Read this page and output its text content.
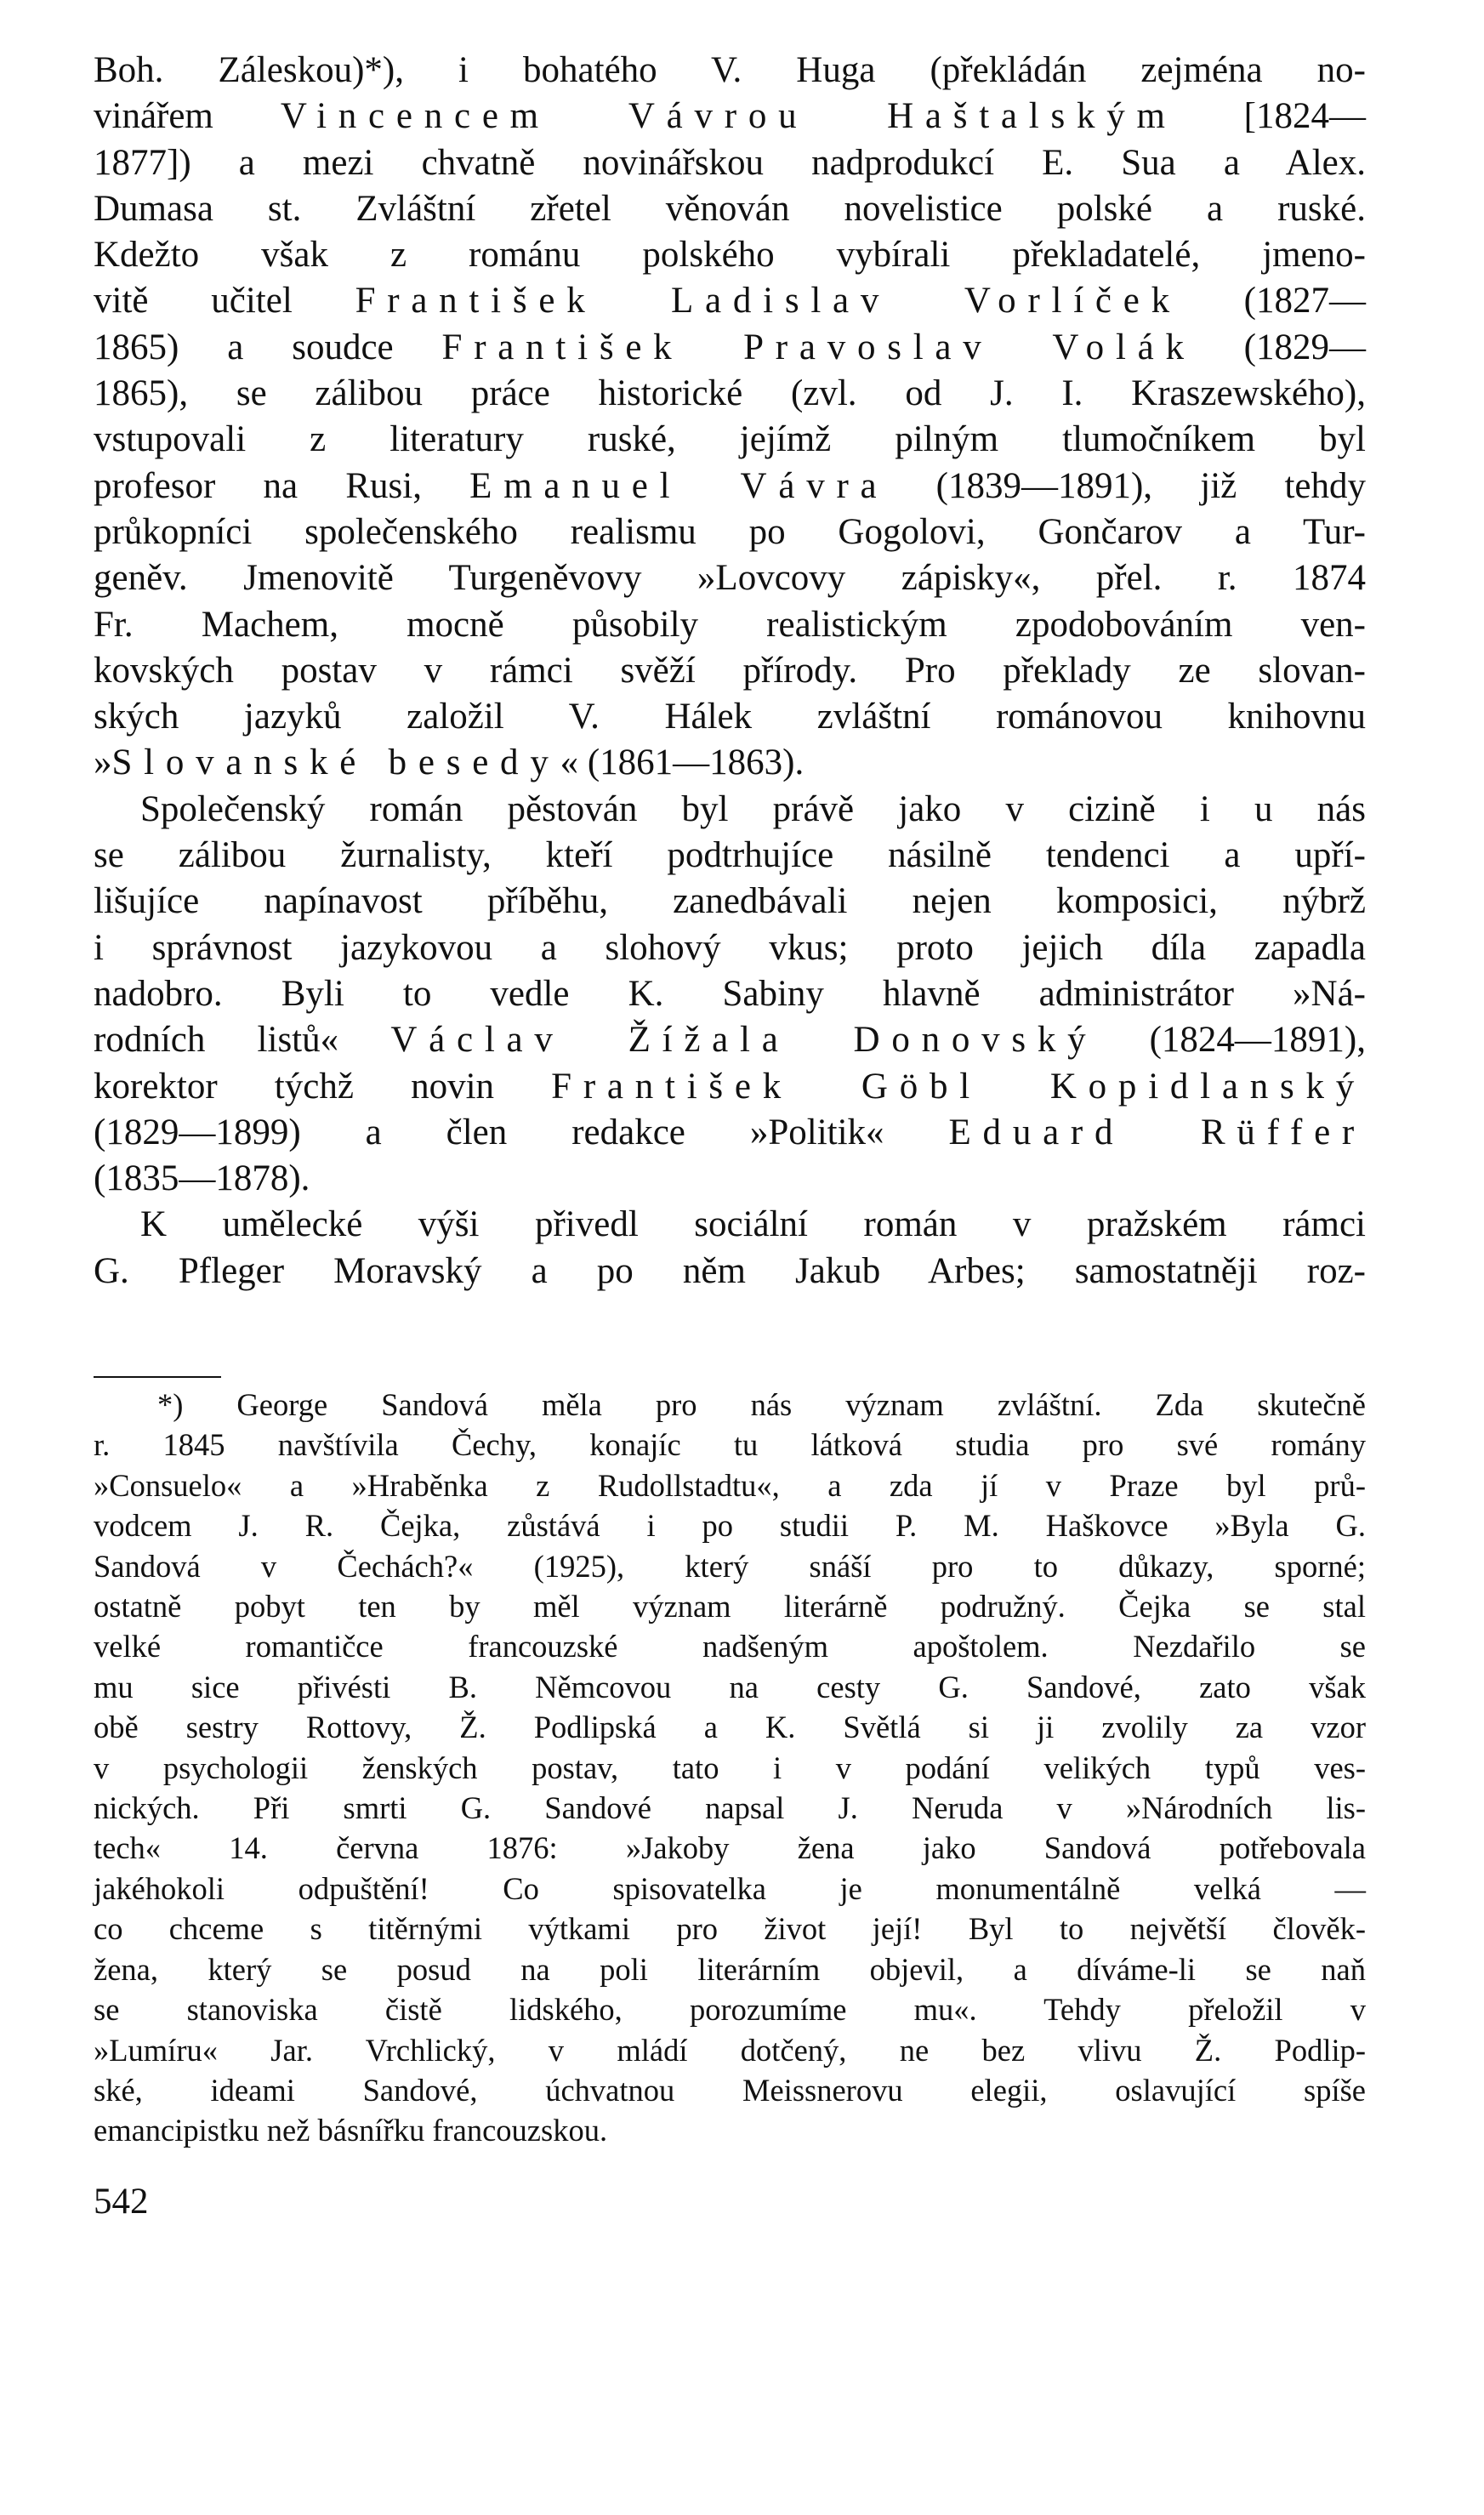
Boh. Záleskou)*), i bohatého V. Huga (překládán zejména no-

vinářem Vincencem Vávrou Haštalským [1824—

1877]) a mezi chvatně novinářskou nadprodukcí E. Sua a Alex.

Dumasa st. Zvláštní zřetel věnován novelistice polské a ruské.

Kdežto však z románu polského vybírali překladatelé, jmeno-

vitě učitel František Ladislav Vorlíček (1827—

1865) a soudce František Pravoslav Volák (1829—

1865), se zálibou práce historické (zvl. od J. I. Kraszewského),

vstupovali z literatury ruské, jejímž pilným tlumočníkem byl

profesor na Rusi, Emanuel Vávra (1839—1891), již tehdy

průkopníci společenského realismu po Gogolovi, Gončarov a Tur-

geněv. Jmenovitě Turgeněvovy »Lovcovy zápisky«, přel. r. 1874

Fr. Machem, mocně působily realistickým zpodobováním ven-

kovských postav v rámci svěží přírody. Pro překlady ze slovan-

ských jazyků založil V. Hálek zvláštní románovou knihovnu

»Slovanské besedy« (1861—1863).

Společenský román pěstován byl právě jako v cizině i u nás

se zálibou žurnalisty, kteří podtrhujíce násilně tendenci a upří-

lišujíce napínavost příběhu, zanedbávali nejen komposici, nýbrž

i správnost jazykovou a slohový vkus; proto jejich díla zapadla

nadobro. Byli to vedle K. Sabiny hlavně administrátor »Ná-

rodních listů« Václav Žížala Donovský (1824—1891),

korektor týchž novin František Göbl Kopidlanský

(1829—1899) a člen redakce »Politik« Eduard Rüffer

(1835—1878).

K umělecké výši přivedl sociální román v pražském rámci

G. Pfleger Moravský a po něm Jakub Arbes; samostatněji roz-

*) George Sandová měla pro nás význam zvláštní. Zda skutečně

r. 1845 navštívila Čechy, konajíc tu látková studia pro své romány

»Consuelo« a »Hraběnka z Rudollstadtu«, a zda jí v Praze byl prů-

vodcem J. R. Čejka, zůstává i po studii P. M. Haškovce »Byla G.

Sandová v Čechách?« (1925), který snáší pro to důkazy, sporné;

ostatně pobyt ten by měl význam literárně podružný. Čejka se stal

velké romantičce francouzské nadšeným apoštolem. Nezdařilo se

mu sice přivésti B. Němcovou na cesty G. Sandové, zato však

obě sestry Rottovy, Ž. Podlipská a K. Světlá si ji zvolily za vzor

v psychologii ženských postav, tato i v podání velikých typů ves-

nických. Při smrti G. Sandové napsal J. Neruda v »Národních lis-

tech« 14. června 1876: »Jakoby žena jako Sandová potřebovala

jakéhokoli odpuštění! Co spisovatelka je monumentálně velká —

co chceme s titěrnými výtkami pro život její! Byl to největší člověk-

žena, který se posud na poli literárním objevil, a díváme-li se naň

se stanoviska čistě lidského, porozumíme mu«. Tehdy přeložil v

»Lumíru« Jar. Vrchlický, v mládí dotčený, ne bez vlivu Ž. Podlip-

ské, ideami Sandové, úchvatnou Meissnerovu elegii, oslavující spíše

emancipistku než básnířku francouzskou.

542
